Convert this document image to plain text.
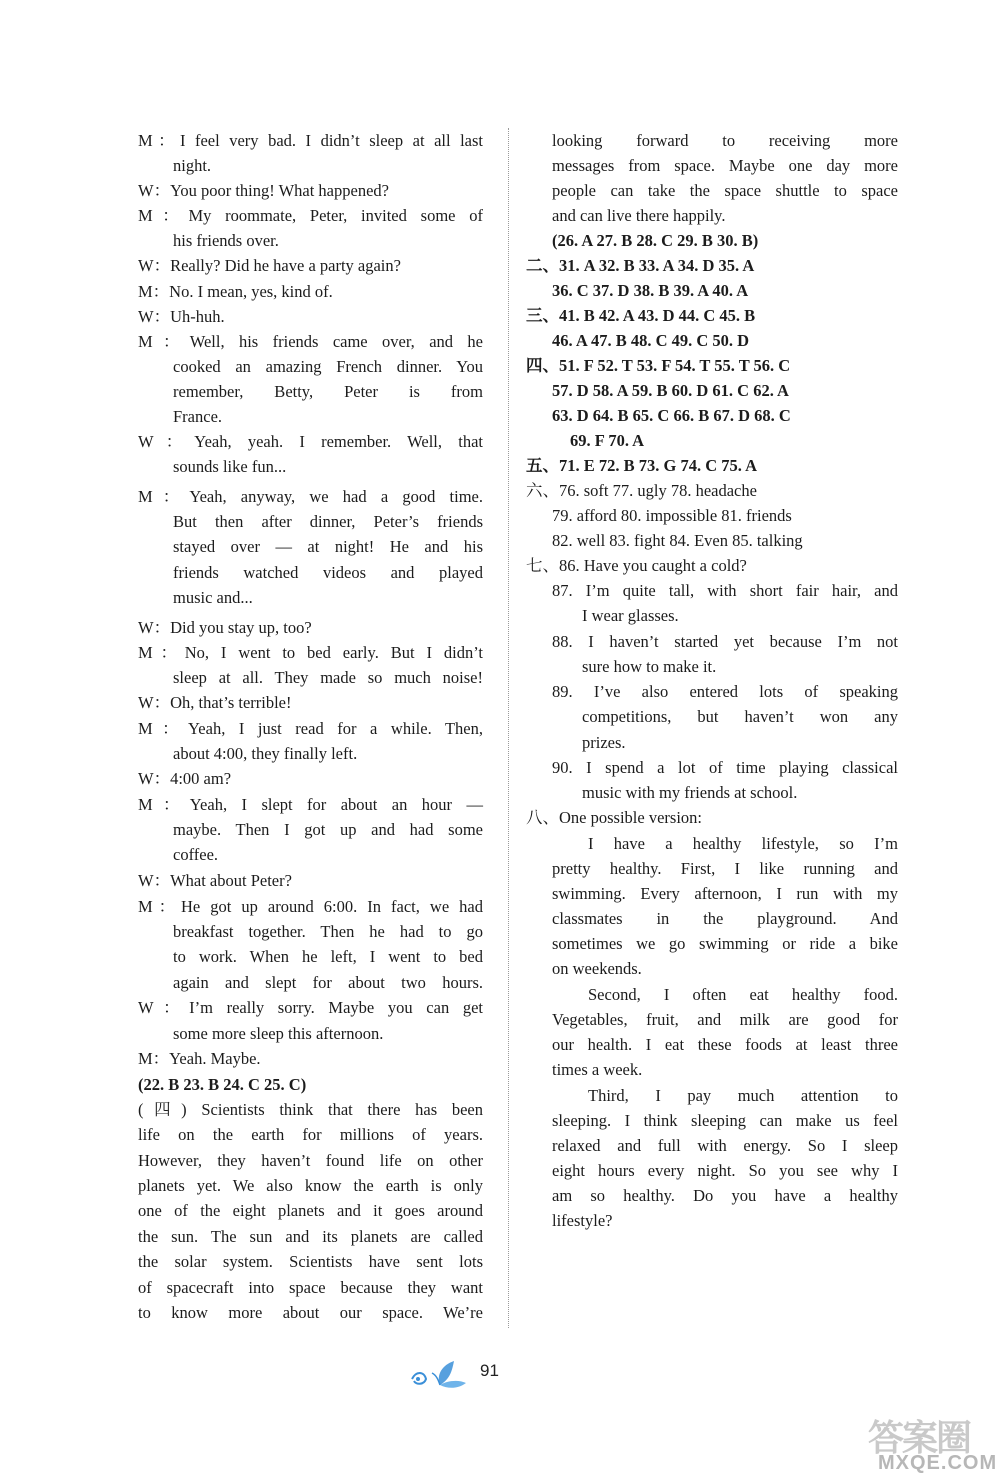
M：I feel very bad. I didn’t sleep at all last
night.
W：You poor thing! What happened?
M：My roommate, Peter, invited some of
his friends over.
W：Really? Did he have a party again?
M：No. I mean, yes, kind of.
W：Uh-huh.
M：Well, his friends came over, and he
cooked an amazing French dinner. You
remember, Betty, Peter is from
France.
W：Yeah, yeah. I remember. Well, that
sounds like fun...
M：Yeah, anyway, we had a good time.
But then after dinner, Peter’s friends
stayed over — at night! He and his
friends watched videos and played
music and...
W：Did you stay up, too?
M：No, I went to bed early. But I didn’t
sleep at all. They made so much noise!
W：Oh, that’s terrible!
M：Yeah, I just read for a while. Then,
about 4:00, they finally left.
W：4:00 am?
M：Yeah, I slept for about an hour —
maybe. Then I got up and had some
coffee.
W：What about Peter?
M：He got up around 6:00. In fact, we had
breakfast together. Then he had to go
to work. When he left, I went to bed
again and slept for about two hours.
W：I’m really sorry. Maybe you can get
some more sleep this afternoon.
M：Yeah. Maybe.
(22. B 23. B 24. C 25. C)
(四) Scientists think that there has been
life on the earth for millions of years.
However, they haven’t found life on other
planets yet. We also know the earth is only
one of the eight planets and it goes around
the sun. The sun and its planets are called
the solar system. Scientists have sent lots
of spacecraft into space because they want
to know more about our space. We’re
looking forward to receiving more
messages from space. Maybe one day more
people can take the space shuttle to space
and can live there happily.
(26. A 27. B 28. C 29. B 30. B)
二、31. A 32. B 33. A 34. D 35. A
36. C 37. D 38. B 39. A 40. A
三、41. B 42. A 43. D 44. C 45. B
46. A 47. B 48. C 49. C 50. D
四、51. F 52. T 53. F 54. T 55. T 56. C
57. D 58. A 59. B 60. D 61. C 62. A
63. D 64. B 65. C 66. B 67. D 68. C
69. F 70. A
五、71. E 72. B 73. G 74. C 75. A
六、76. soft 77. ugly 78. headache
79. afford 80. impossible 81. friends
82. well 83. fight 84. Even 85. talking
七、86. Have you caught a cold?
87. I’m quite tall, with short fair hair, and
I wear glasses.
88. I haven’t started yet because I’m not
sure how to make it.
89. I’ve also entered lots of speaking
competitions, but haven’t won any
prizes.
90. I spend a lot of time playing classical
music with my friends at school.
八、One possible version:
I have a healthy lifestyle, so I’m
pretty healthy. First, I like running and
swimming. Every afternoon, I run with my
classmates in the playground. And
sometimes we go swimming or ride a bike
on weekends.
Second, I often eat healthy food.
Vegetables, fruit, and milk are good for
our health. I eat these foods at least three
times a week.
Third, I pay much attention to
sleeping. I think sleeping can make us feel
relaxed and full with energy. So I sleep
eight hours every night. So you see why I
am so healthy. Do you have a healthy
lifestyle?
91
答案圈
MXQE.COM
